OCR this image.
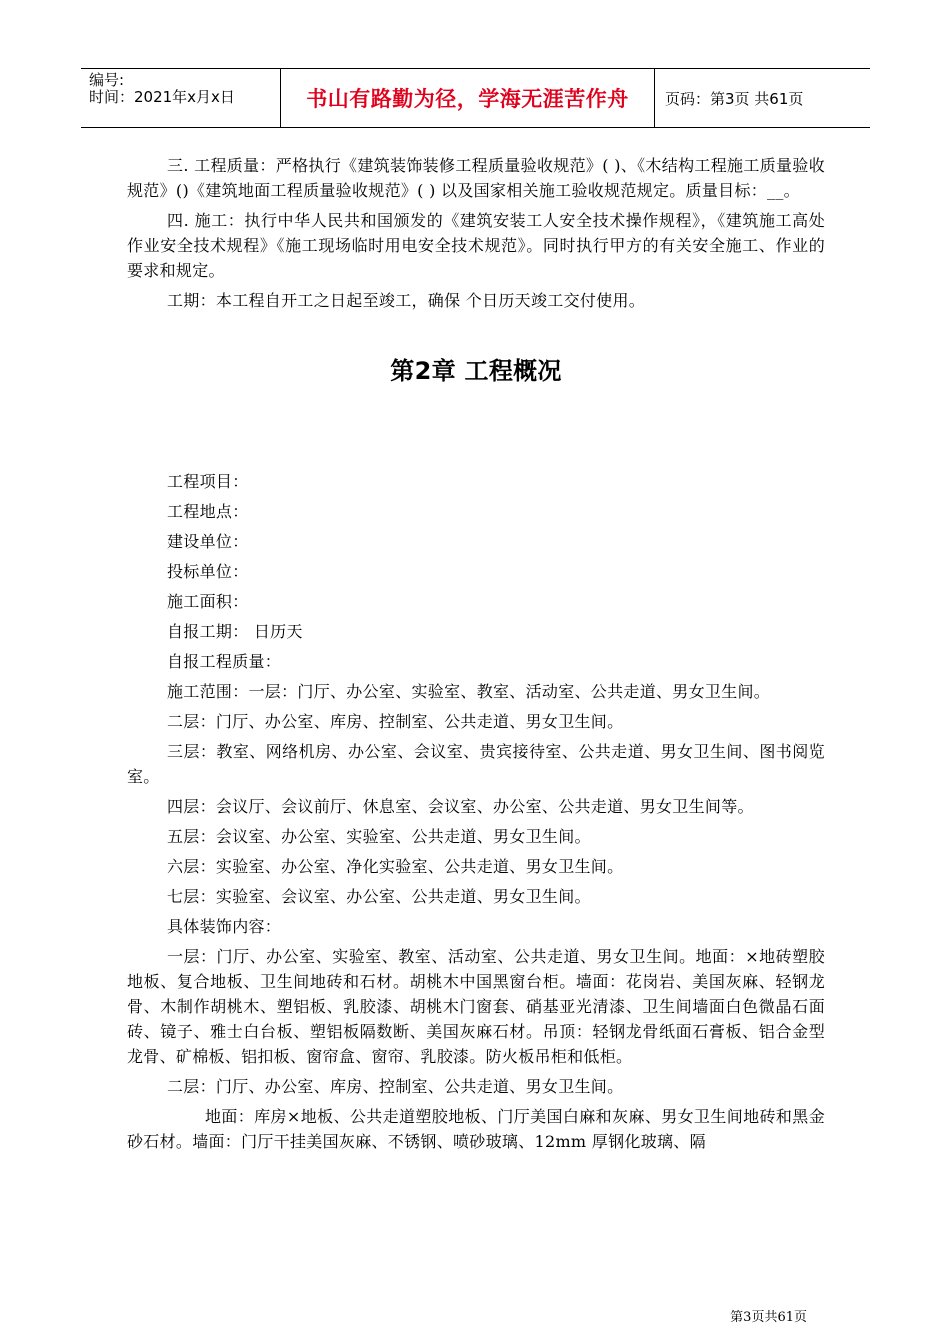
编号:
时间：2021年x月x日	书山有路勤为径，学海无涯苦作舟 页码：第3页 共61页

三. 工程质量：严格执行《建筑装饰装修工程质量验收规范》( )、《木结构工程施工质量验收规范》()《建筑地面工程质量验收规范》( ) 以及国家相关施工验收规范规定。质量目标：__。

四. 施工：执行中华人民共和国颁发的《建筑安装工人安全技术操作规程》，《建筑施工高处作业安全技术规程》《施工现场临时用电安全技术规范》。同时执行甲方的有关安全施工、作业的要求和规定。

工期：本工程自开工之日起至竣工，确保 个日历天竣工交付使用。

第2章 工程概况

工程项目：

工程地点：

建设单位：

投标单位：

施工面积：

自报工期： 日历天

自报工程质量：

施工范围：一层：门厅、办公室、实验室、教室、活动室、公共走道、男女卫生间。

二层：门厅、办公室、库房、控制室、公共走道、男女卫生间。

三层：教室、网络机房、办公室、会议室、贵宾接待室、公共走道、男女卫生间、图书阅览室。

四层：会议厅、会议前厅、休息室、会议室、办公室、公共走道、男女卫生间等。

五层：会议室、办公室、实验室、公共走道、男女卫生间。

六层：实验室、办公室、净化实验室、公共走道、男女卫生间。

七层：实验室、会议室、办公室、公共走道、男女卫生间。

具体装饰内容：

一层：门厅、办公室、实验室、教室、活动室、公共走道、男女卫生间。地面：×地砖塑胶地板、复合地板、卫生间地砖和石材。胡桃木中国黑窗台柜。墙面：花岗岩、美国灰麻、轻钢龙骨、木制作胡桃木、塑铝板、乳胶漆、胡桃木门窗套、硝基亚光清漆、卫生间墙面白色微晶石面砖、镜子、雅士白台板、塑铝板隔数断、美国灰麻石材。吊顶：轻钢龙骨纸面石膏板、铝合金型龙骨、矿棉板、铝扣板、窗帘盒、窗帘、乳胶漆。防火板吊柜和低柜。

二层：门厅、办公室、库房、控制室、公共走道、男女卫生间。

地面：库房×地板、公共走道塑胶地板、门厅美国白麻和灰麻、男女卫生间地砖和黑金砂石材。墙面：门厅干挂美国灰麻、不锈钢、喷砂玻璃、12mm 厚钢化玻璃、隔

第3页共61页
